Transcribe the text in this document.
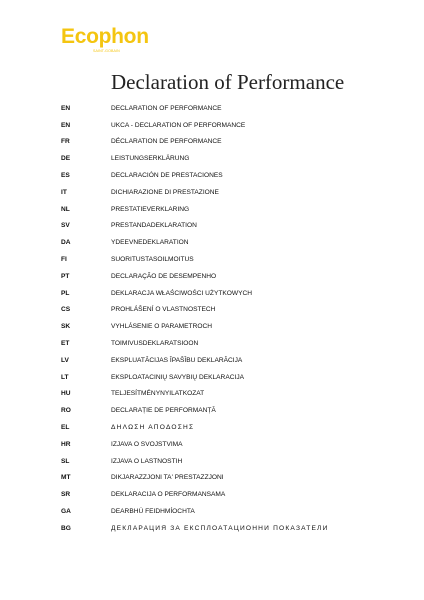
Ecophon
SAINT-GOBAIN
Declaration of Performance
EN	DECLARATION OF PERFORMANCE
EN	UKCA - DECLARATION OF PERFORMANCE
FR	DÉCLARATION DE PERFORMANCE
DE	LEISTUNGSERKLÄRUNG
ES	DECLARACIÓN DE PRESTACIONES
IT	DICHIARAZIONE DI PRESTAZIONE
NL	PRESTATIEVERKLARING
SV	PRESTANDADEKLARATION
DA	YDEEVNEDEKLARATION
FI	SUORITUSTASOILMOITUS
PT	DECLARAÇÃO DE DESEMPENHO
PL	DEKLARACJA WŁAŚCIWOŚCI UŻYTKOWYCH
CS	PROHLÁŠENÍ O VLASTNOSTECH
SK	VYHLÁSENIE O PARAMETROCH
ET	TOIMIVUSDEKLARATSIOON
LV	EKSPLUATĀCIJAS ĪPAŠĪBU DEKLARĀCIJA
LT	EKSPLOATACINIŲ SAVYBIŲ DEKLARACIJA
HU	TELJESÍTMÉNYNYILATKOZAT
RO	DECLARAȚIE DE PERFORMANȚĂ
EL	ΔΗΛΩΣΗ ΑΠΟΔΟΣΗΣ
HR	IZJAVA O SVOJSTVIMA
SL	IZJAVA O LASTNOSTIH
MT	DIKJARAZZJONI TA' PRESTAZZJONI
SR	DEKLARACIJA O PERFORMANSAMA
GA	DEARBHÚ FEIDHMÍOCHTA
BG	ДЕКЛАРАЦИЯ ЗА ЕКСПЛОАТАЦИОННИ ПОКАЗАТЕЛИ
